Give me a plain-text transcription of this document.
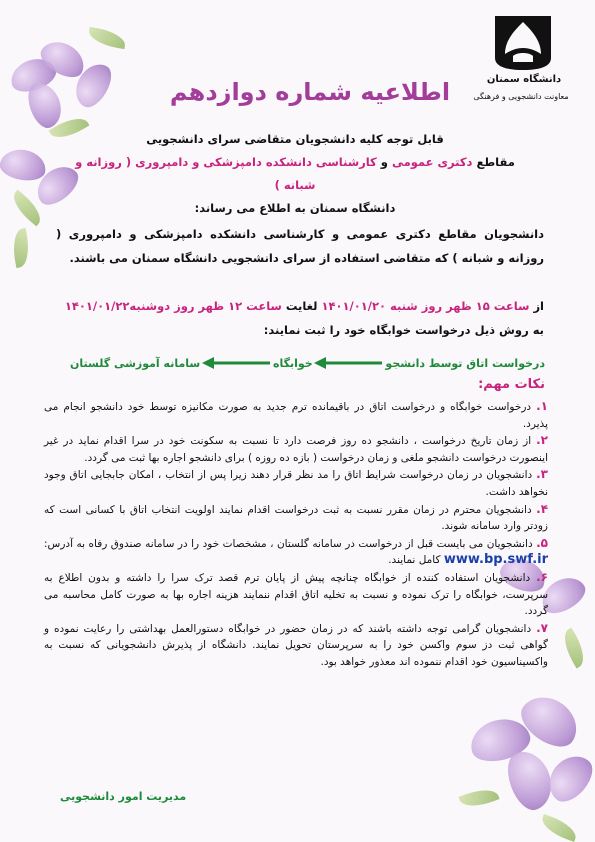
دانشگاه سمنان
معاونت دانشجویی و فرهنگی
اطلاعیه شماره دوازدهم

قابل توجه کلیه دانشجویان متقاضی سرای دانشجویی

مقاطع دکتری عمومی و کارشناسی دانشکده دامپزشکی و دامپروری ( روزانه و شبانه )

دانشگاه سمنان به اطلاع می رساند:

دانشجویان مقاطع دکتری عمومی و کارشناسی دانشکده دامپزشکی و دامپروری ( روزانه و شبانه ) که متقاضی استفاده از سرای دانشجویی دانشگاه سمنان می باشند.
از ساعت ۱۵ ظهر روز شنبه ۱۴۰۱/۰۱/۲۰ لغایت ساعت ۱۲ ظهر روز دوشنبه۱۴۰۱/۰۱/۲۲ به روش ذیل درخواست خوابگاه خود را ثبت نمایند:
سامانه آموزشی گلستان	خوابگاه	درخواست اتاق توسط دانشجو
نکات مهم:

۱. درخواست خوابگاه و درخواست اتاق در باقیمانده ترم جدید به صورت مکانیزه توسط خود دانشجو انجام می پذیرد.

۲. از زمان تاریخ درخواست ، دانشجو ده روز فرصت دارد تا نسبت به سکونت خود در سرا اقدام نماید در غیر اینصورت درخواست دانشجو ملغی و زمان درخواست ( بازه ده روزه ) برای دانشجو اجاره بها ثبت می گردد.

۳. دانشجویان در زمان درخواست شرایط اتاق را مد نظر قرار دهند زیرا پس از انتخاب ، امکان جابجایی اتاق وجود نخواهد داشت.

۴. دانشجویان محترم در زمان مقرر نسبت به ثبت درخواست اقدام نمایند اولویت انتخاب اتاق با کسانی است که زودتر وارد سامانه شوند.

۵. دانشجویان می بایست قبل از درخواست در سامانه گلستان ، مشخصات خود را در سامانه صندوق رفاه به آدرس: www.bp.swf.ir کامل نمایند.

۶. دانشجویان استفاده کننده از خوابگاه چنانچه پیش از پایان ترم قصد ترک سرا را داشته و بدون اطلاع به سرپرست، خوابگاه را ترک نموده و نسبت به تخلیه اتاق اقدام ننمایند هزینه اجاره بها به صورت کامل محاسبه می گردد.

۷. دانشجویان گرامی توجه داشته باشند که در زمان حضور در خوابگاه دستورالعمل بهداشتی را رعایت نموده و گواهی ثبت دز سوم واکسن خود را به سرپرستان تحویل نمایند. دانشگاه از پذیرش دانشجویانی که نسبت به واکسیناسیون خود اقدام ننموده اند معذور خواهد بود.

مدیریت امور دانشجویی
